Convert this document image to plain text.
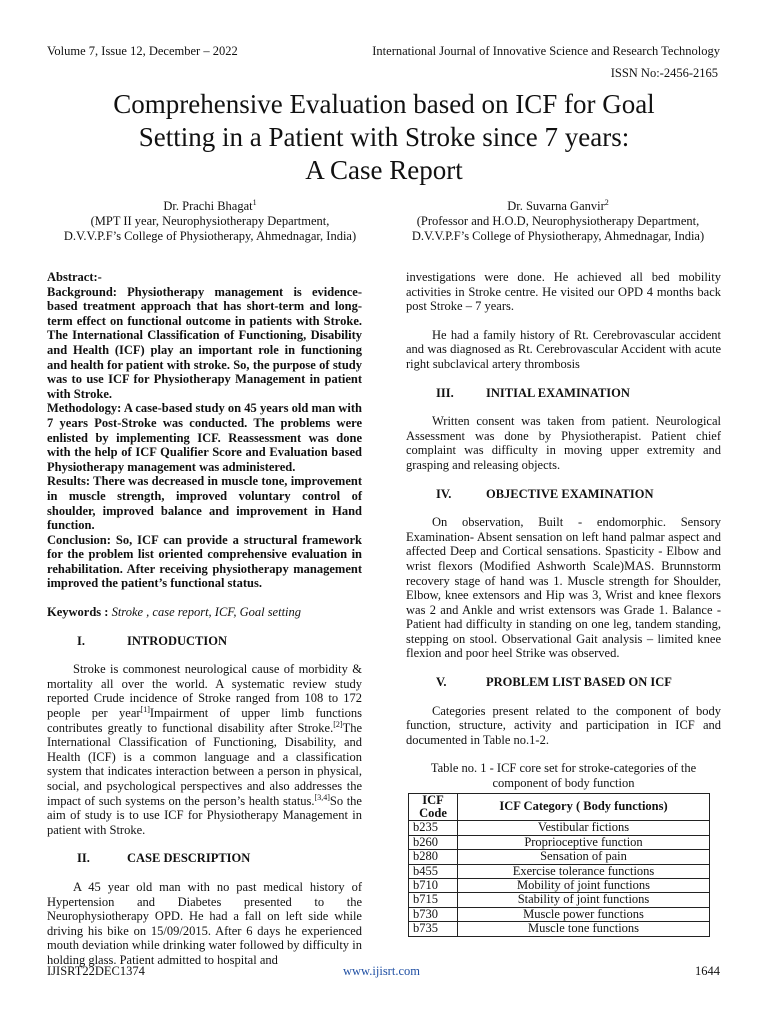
Volume 7, Issue 12, December – 2022	International Journal of Innovative Science and Research Technology
ISSN No:-2456-2165
Comprehensive Evaluation based on ICF for Goal
Setting in a Patient with Stroke since 7 years:
A Case Report
Dr. Prachi Bhagat$^1$
(MPT II year, Neurophysiotherapy Department,
D.V.V.P.F’s College of Physiotherapy, Ahmednagar, India)
Dr. Suvarna Ganvir$^2$
(Professor and H.O.D, Neurophysiotherapy Department,
D.V.V.P.F’s College of Physiotherapy, Ahmednagar, India)

Abstract:-

Background: Physiotherapy management is evidence-based treatment approach that has short-term and long-term effect on functional outcome in patients with Stroke. The International Classification of Functioning, Disability and Health (ICF) play an important role in functioning and health for patient with stroke. So, the purpose of study was to use ICF for Physiotherapy Management in patient with Stroke.

Methodology: A case-based study on 45 years old man with 7 years Post-Stroke was conducted. The problems were enlisted by implementing ICF. Reassessment was done with the help of ICF Qualifier Score and Evaluation based Physiotherapy management was administered.

Results: There was decreased in muscle tone, improvement in muscle strength, improved voluntary control of shoulder, improved balance and improvement in Hand function.

Conclusion: So, ICF can provide a structural framework for the problem list oriented comprehensive evaluation in rehabilitation. After receiving physiotherapy management improved the patient’s functional status.

Keywords : Stroke , case report, ICF, Goal setting

I.	INTRODUCTION

Stroke is commonest neurological cause of morbidity & mortality all over the world. A systematic review study reported Crude incidence of Stroke ranged from 108 to 172 people per year[1]Impairment of upper limb functions contributes greatly to functional disability after Stroke.[2]The International Classification of Functioning, Disability, and Health (ICF) is a common language and a classification system that indicates interaction between a person in physical, social, and psychological perspectives and also addresses the impact of such systems on the person’s health status.[3,4]So the aim of study is to use ICF for Physiotherapy Management in patient with Stroke.

II.	CASE DESCRIPTION

A 45 year old man with no past medical history of Hypertension and Diabetes presented to the Neurophysiotherapy OPD. He had a fall on left side while driving his bike on 15/09/2015. After 6 days he experienced mouth deviation while drinking water followed by difficulty in holding glass. Patient admitted to hospital and

investigations were done. He achieved all bed mobility activities in Stroke centre. He visited our OPD 4 months back post Stroke – 7 years.

He had a family history of Rt. Cerebrovascular accident and was diagnosed as Rt. Cerebrovascular Accident with acute right subclavical artery thrombosis

III.	INITIAL EXAMINATION

Written consent was taken from patient. Neurological Assessment was done by Physiotherapist. Patient chief complaint was difficulty in moving upper extremity and grasping and releasing objects.

IV.	OBJECTIVE EXAMINATION

On observation, Built - endomorphic. Sensory Examination- Absent sensation on left hand palmar aspect and affected Deep and Cortical sensations. Spasticity - Elbow and wrist flexors (Modified Ashworth Scale)MAS. Brunnstorm recovery stage of hand was 1. Muscle strength for Shoulder, Elbow, knee extensors and Hip was 3, Wrist and knee flexors was 2 and Ankle and wrist extensors was Grade 1. Balance - Patient had difficulty in standing on one leg, tandem standing, stepping on stool. Observational Gait analysis – limited knee flexion and poor heel Strike was observed.

V.	PROBLEM LIST BASED ON ICF

Categories present related to the component of body function, structure, activity and participation in ICF and documented in Table no.1-2.

Table no. 1 - ICF core set for stroke-categories of the
component of body function

ICF Code	ICF Category ( Body functions)
b235	Vestibular fictions
b260	Proprioceptive function
b280	Sensation of pain
b455	Exercise tolerance functions
b710	Mobility of joint functions
b715	Stability of joint functions
b730	Muscle power functions
b735	Muscle tone functions
IJISRT22DEC1374	www.ijisrt.com	1644
